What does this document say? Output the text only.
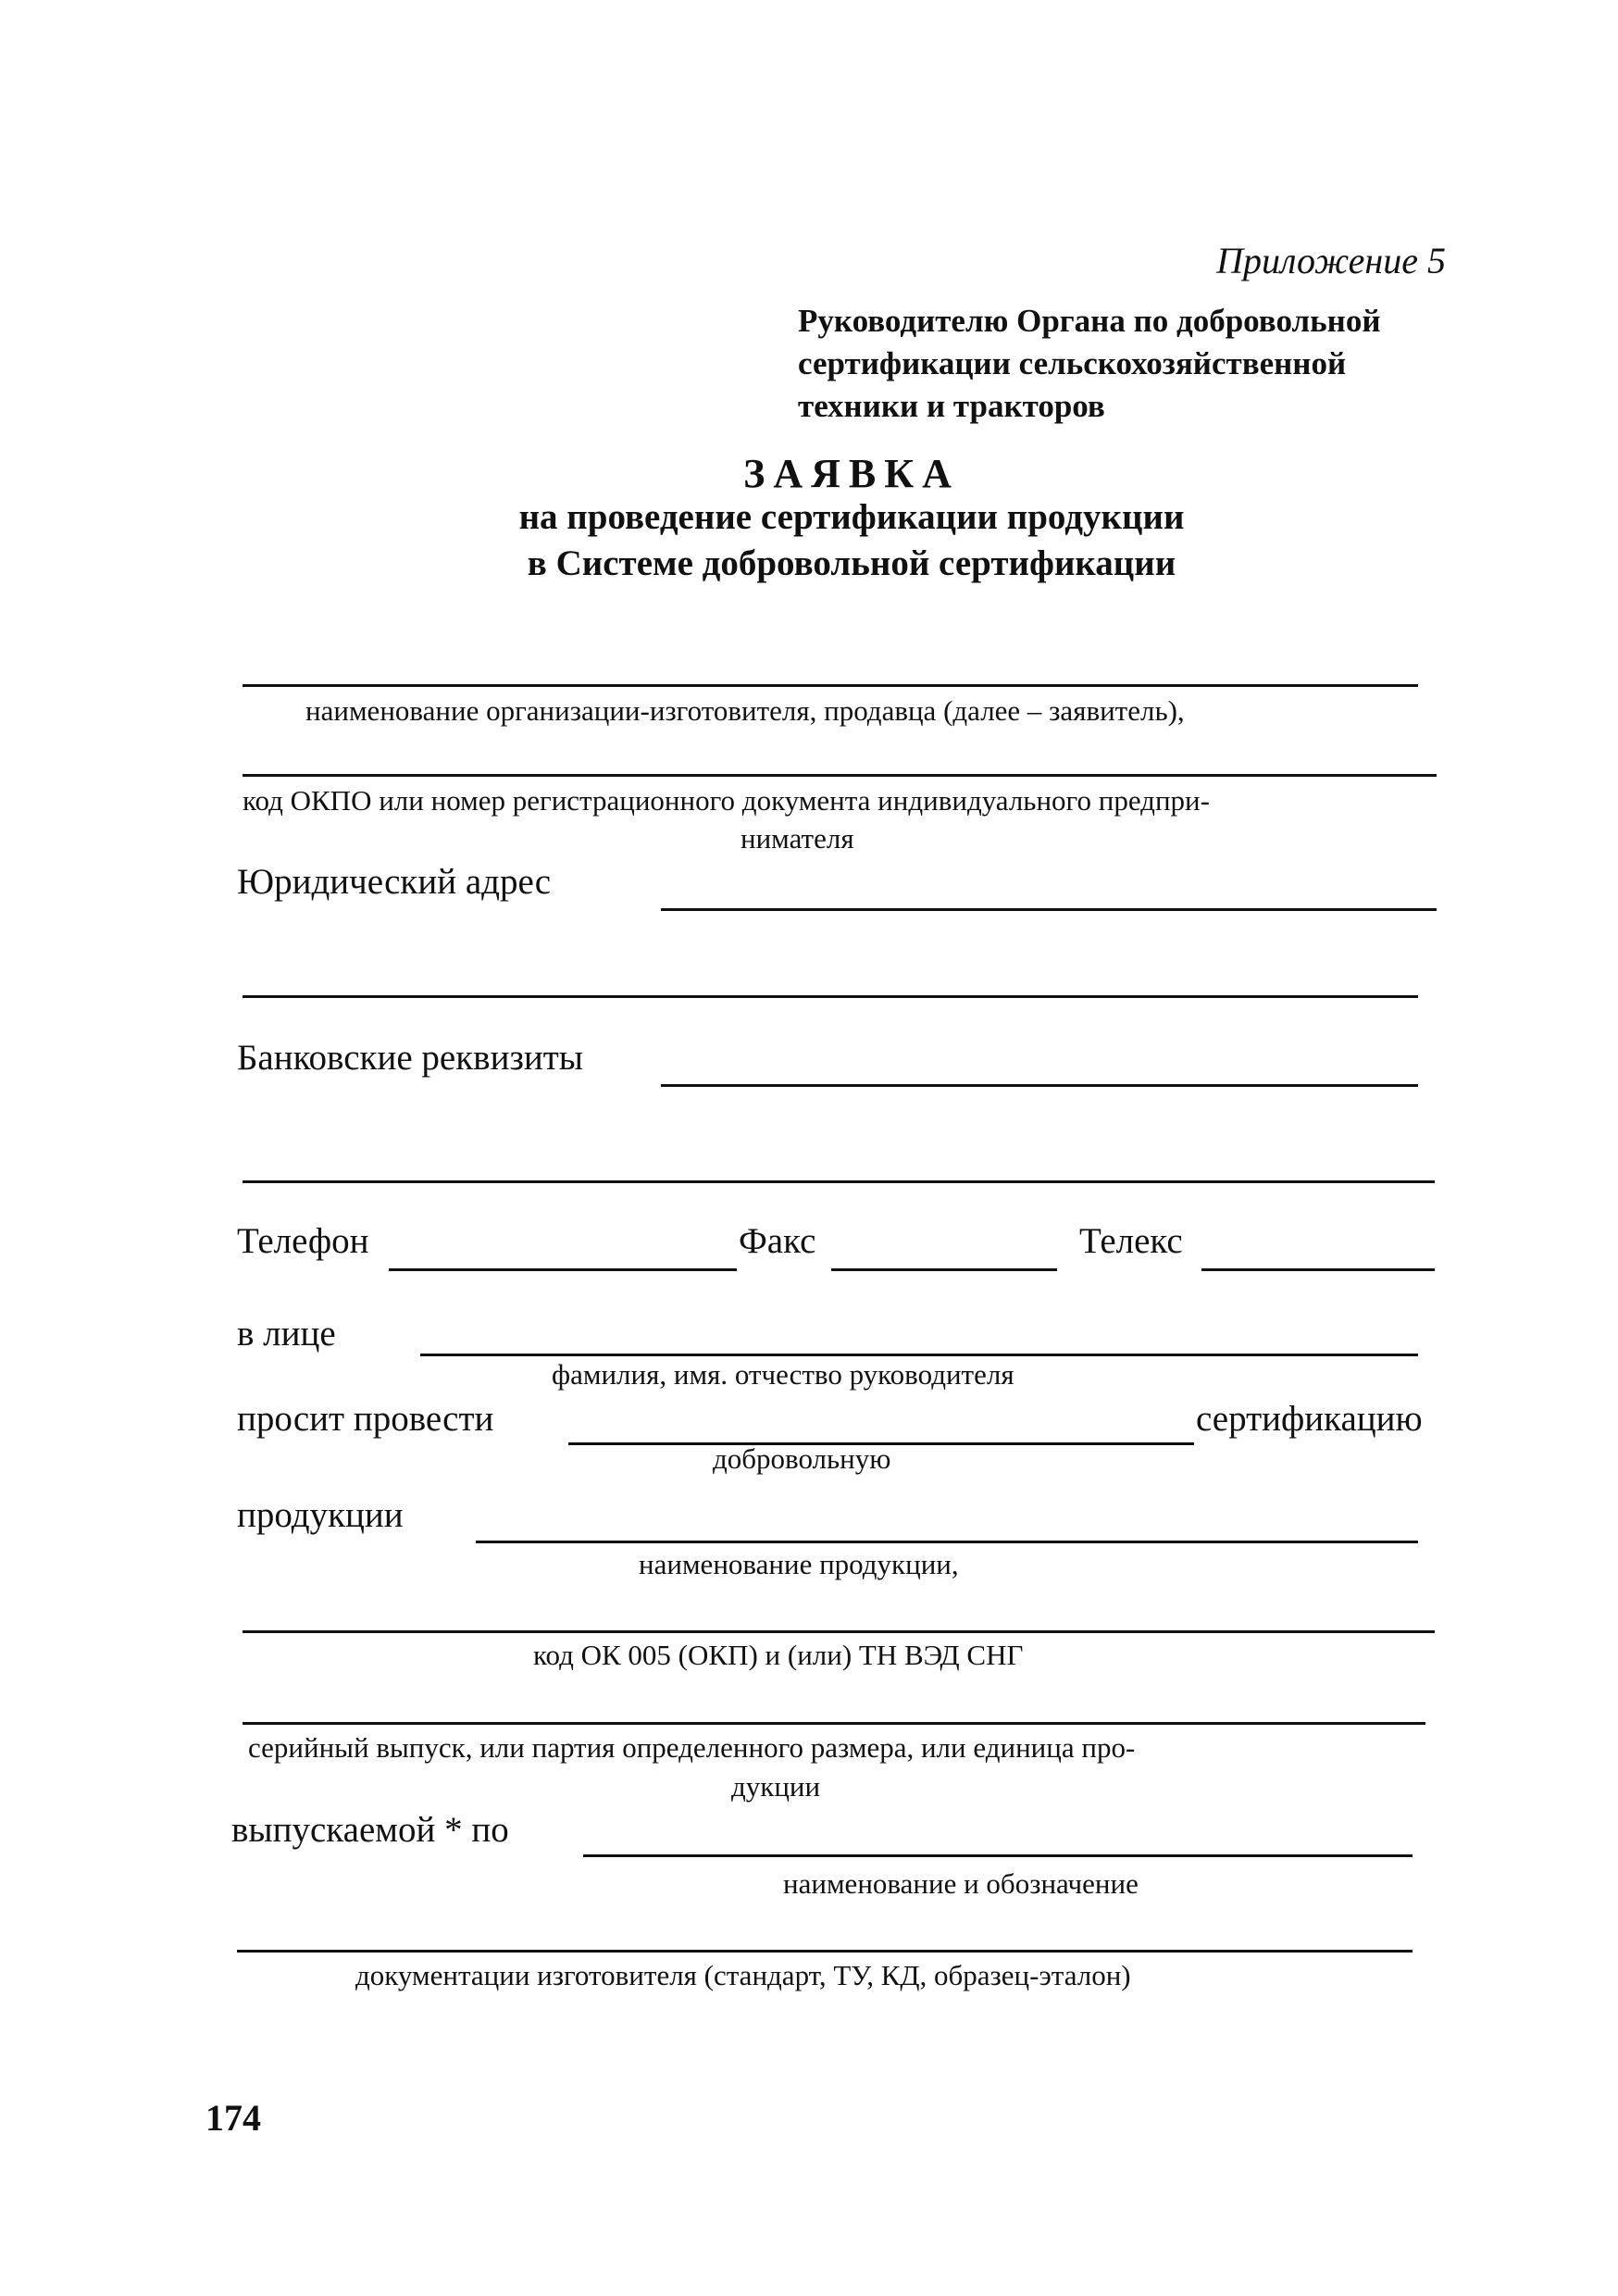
Приложение 5
Руководителю Органа по добровольной
сертификации сельскохозяйственной
техники и тракторов
ЗАЯВКА
на проведение сертификации продукции
в Системе добровольной сертификации
наименование организации-изготовителя, продавца (далее – заявитель),
код ОКПО или номер регистрационного документа индивидуального предпри-
нимателя
Юридический адрес
Банковские реквизиты
Телефон	Факс	Телекс
в лице
фамилия, имя. отчество руководителя
просит провести	сертификацию
добровольную
продукции
наименование продукции,
код ОК 005 (ОКП) и (или) ТН ВЭД СНГ
серийный выпуск, или партия определенного размера, или единица про-
дукции
выпускаемой * по
наименование и обозначение
документации изготовителя (стандарт, ТУ, КД, образец-эталон)
174
